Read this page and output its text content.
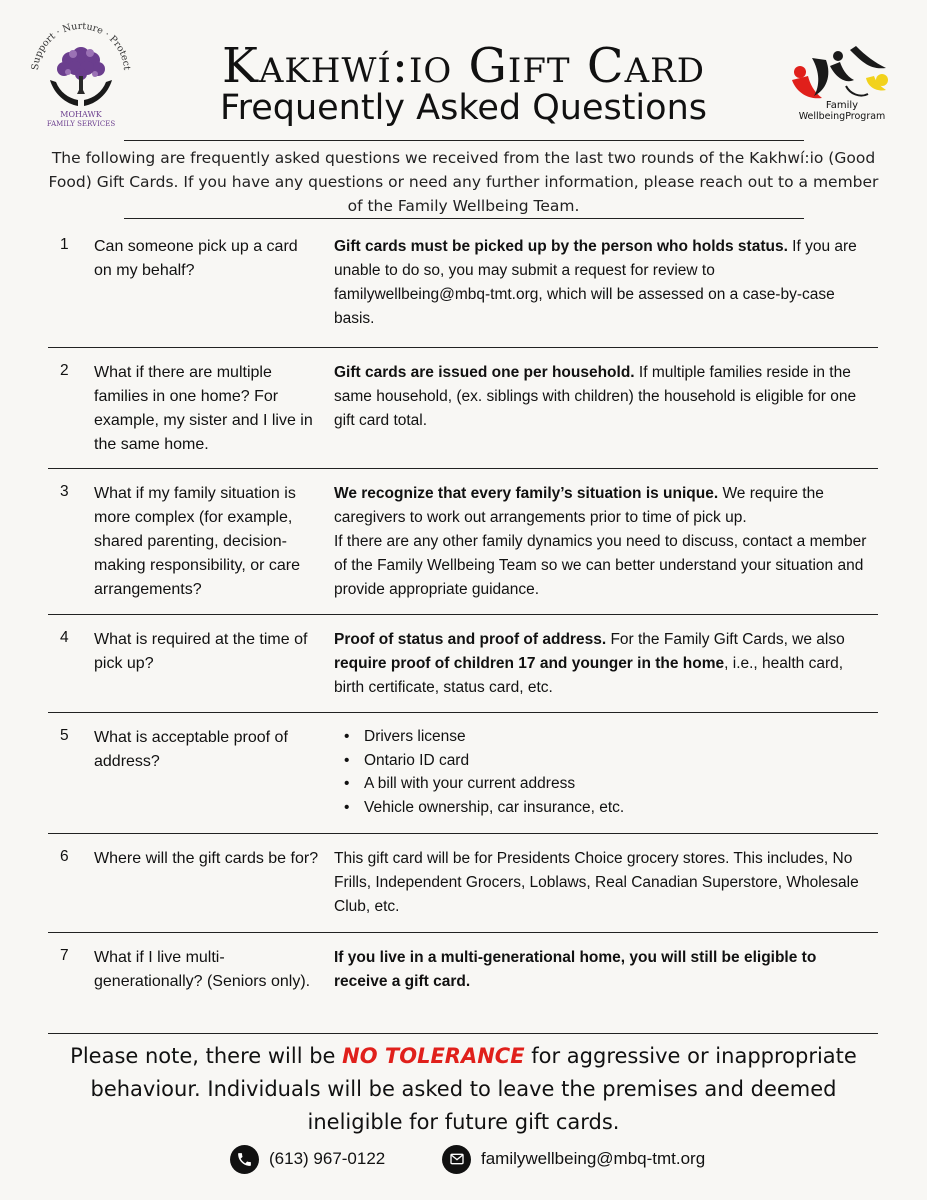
Support · Nurture · Protect
MOHAWK
FAMILY SERVICES
Family
WellbeingProgram
Kakhwí:io Gift Card
Frequently Asked Questions
The following are frequently asked questions we received from the last two rounds of the Kakhwí:io (Good Food) Gift Cards. If you have any questions or need any further information, please reach out to a member of the Family Wellbeing Team.
1 Can someone pick up a card on my behalf?
Gift cards must be picked up by the person who holds status. If you are unable to do so, you may submit a request for review to familywellbeing@mbq-tmt.org, which will be assessed on a case-by-case basis.
2 What if there are multiple families in one home? For example, my sister and I live in the same home.
Gift cards are issued one per household. If multiple families reside in the same household, (ex. siblings with children) the household is eligible for one gift card total.
3 What if my family situation is more complex (for example, shared parenting, decision-making responsibility, or care arrangements?
We recognize that every family’s situation is unique. We require the caregivers to work out arrangements prior to time of pick up.
If there are any other family dynamics you need to discuss, contact a member of the Family Wellbeing Team so we can better understand your situation and provide appropriate guidance.
4 What is required at the time of pick up?
Proof of status and proof of address. For the Family Gift Cards, we also require proof of children 17 and younger in the home, i.e., health card, birth certificate, status card, etc.
5 What is acceptable proof of address?
• Drivers license
• Ontario ID card
• A bill with your current address
• Vehicle ownership, car insurance, etc.
6 Where will the gift cards be for? This gift card will be for Presidents Choice grocery stores. This includes, No Frills, Independent Grocers, Loblaws, Real Canadian Superstore, Wholesale Club, etc.
7 What if I live multi-generationally? (Seniors only).
If you live in a multi-generational home, you will still be eligible to receive a gift card.
Please note, there will be NO TOLERANCE for aggressive or inappropriate behaviour. Individuals will be asked to leave the premises and deemed ineligible for future gift cards.
(613) 967-0122	familywellbeing@mbq-tmt.org
